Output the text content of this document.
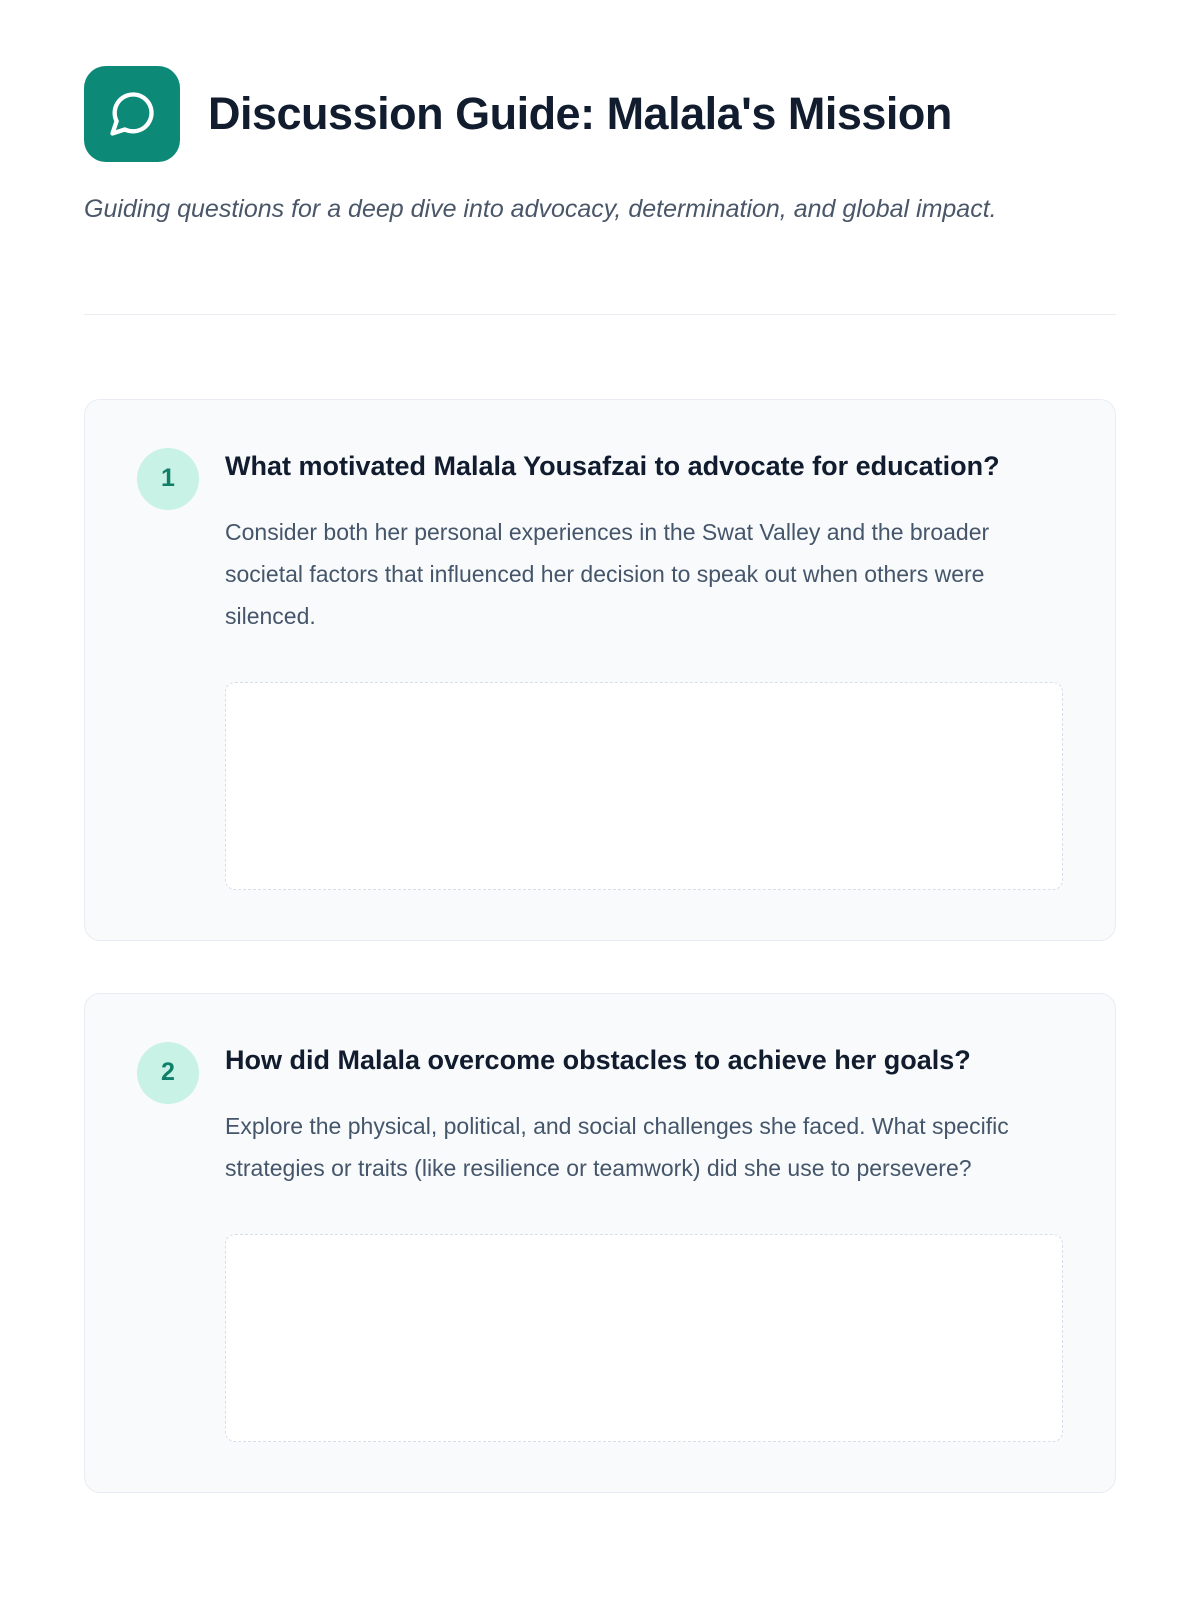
Discussion Guide: Malala's Mission

Guiding questions for a deep dive into advocacy, determination, and global impact.

1	What motivated Malala Yousafzai to advocate for education?

Consider both her personal experiences in the Swat Valley and the broader societal factors that influenced her decision to speak out when others were silenced.

2	How did Malala overcome obstacles to achieve her goals?

Explore the physical, political, and social challenges she faced. What specific strategies or traits (like resilience or teamwork) did she use to persevere?
